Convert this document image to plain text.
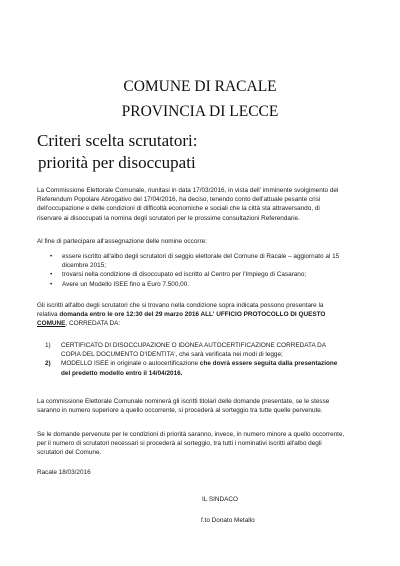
COMUNE DI RACALE
PROVINCIA DI LECCE
Criteri scelta scrutatori:
priorità per disoccupati
La Commissione Elettorale Comunale, riunitasi in data 17/03/2016, in vista dell' imminente svolgimento del
Referendum Popolare Abrogativo del 17/04/2016, ha deciso, tenendo conto dell'attuale pesante crisi
dell'occupazione e delle condizioni di difficoltà economiche e sociali che la città sta attraversando, di
riservare ai disoccupati la nomina degli scrutatori per le prossime consultazioni Referendarie.
Al fine di partecipare all'assegnazione delle nomine occorre:
• essere iscritto all'albo degli scrutatori di seggio elettorale del Comune di Racale – aggiornato al 15
dicembre 2015;
• trovarsi nella condizione di disoccupato ed iscritto al Centro per l'Impiego di Casarano;
• Avere un Modello ISEE fino a Euro 7.500,00.
Gli iscritti all'albo degli scrutatori che si trovano nella condizione sopra indicata possono presentare la
relativa domanda entro le ore 12:30 del 29 marzo 2016 ALL' UFFICIO PROTOCOLLO DI QUESTO
COMUNE, CORREDATA DA:
1) CERTIFICATO DI DISOCCUPAZIONE O IDONEA AUTOCERTIFICAZIONE CORREDATA DA
COPIA DEL DOCUMENTO D'IDENTITA', che sarà verificata nei modi di legge;
2) MODELLO ISEE in originale o autocertificazione che dovrà essere seguita dalla presentazione
del predetto modello entro il 14/04/2016.
La commissione Elettorale Comunale nominerà gli iscritti titolari delle domande presentate, se le stesse
saranno in numero superiore a quello occorrente, si procederà al sorteggio tra tutte quelle pervenute.
Se le domande pervenute per le condizioni di priorità saranno, invece, in numero minore a quello occorrente,
per il numero di scrutatori necessari si procederà al sorteggio, tra tutti i nominativi iscritti all'albo degli
scrutatori del Comune.
Racale 18/03/2016
IL SINDACO
f.to Donato Metallo
